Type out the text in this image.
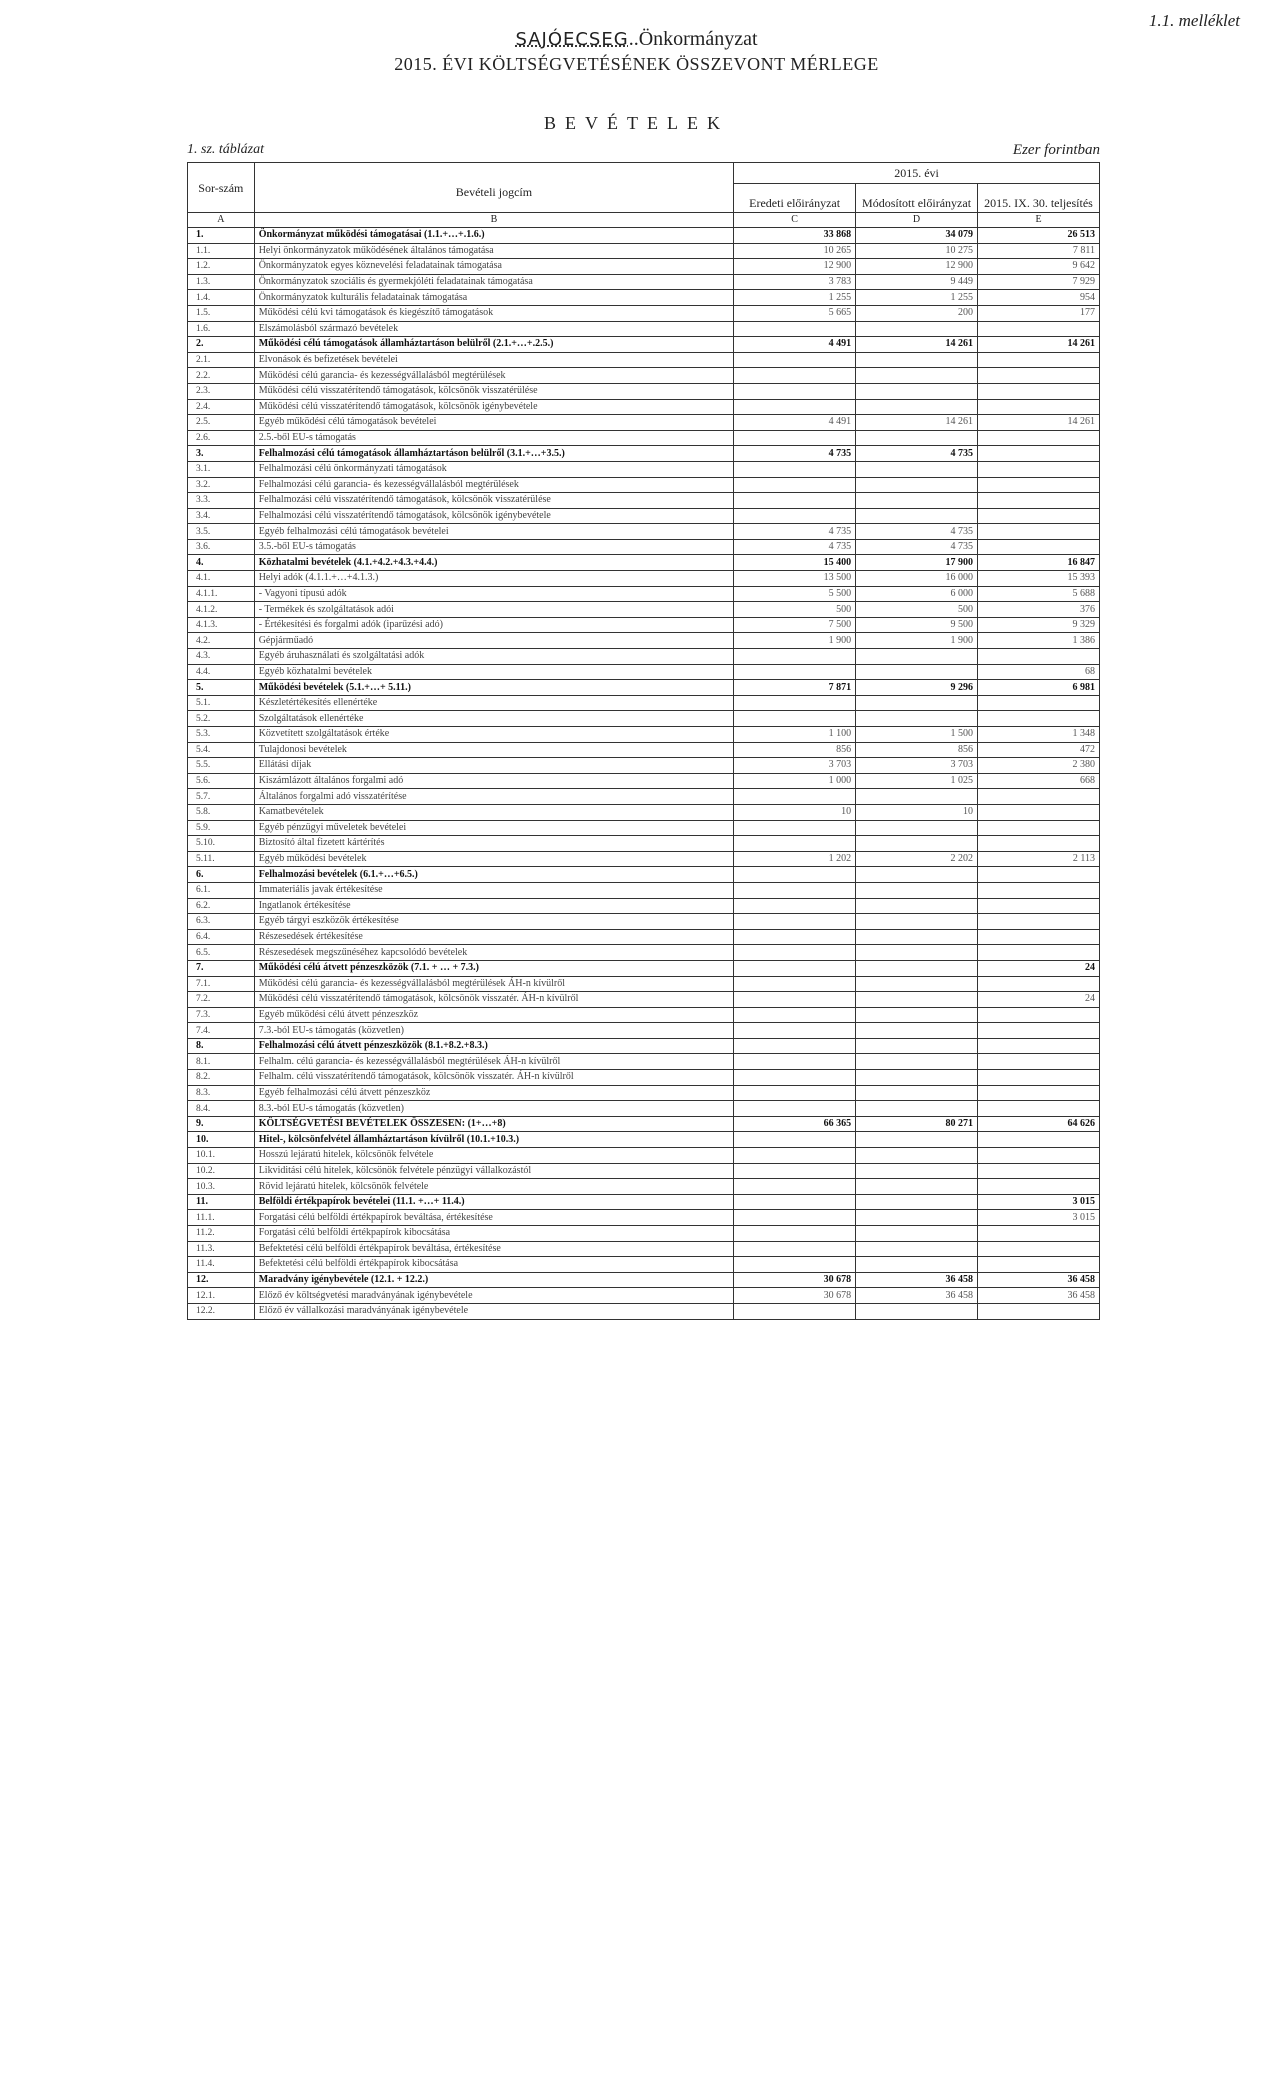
1.1. melléklet
SAJÓECSEG..Önkormányzat
2015. ÉVI KÖLTSÉGVETÉSÉNEK ÖSSZEVONT MÉRLEGE
BEVÉTELEK
1. sz. táblázat	Ezer forintban
Sor-szám	Bevételi jogcím	2015. évi		
		Eredeti előirányzat	Módosított előirányzat	2015. IX. 30. teljesítés
A	B	C	D	E
1.	Önkormányzat működési támogatásai (1.1.+…+.1.6.)	33 868	34 079	26 513
1.1.	Helyi önkormányzatok működésének általános támogatása	10 265	10 275	7 811
1.2.	Önkormányzatok egyes köznevelési feladatainak támogatása	12 900	12 900	9 642
1.3.	Önkormányzatok szociális és gyermekjóléti feladatainak támogatása	3 783	9 449	7 929
1.4.	Önkormányzatok kulturális feladatainak támogatása	1 255	1 255	954
1.5.	Működési célú kvi támogatások és kiegészítő támogatások	5 665	200	177
1.6.	Elszámolásból származó bevételek			
2.	Működési célú támogatások államháztartáson belülről (2.1.+…+.2.5.)	4 491	14 261	14 261
2.1.	Elvonások és befizetések bevételei			
2.2.	Működési célú garancia- és kezességvállalásból megtérülések			
2.3.	Működési célú visszatérítendő támogatások, kölcsönök visszatérülése			
2.4.	Működési célú visszatérítendő támogatások, kölcsönök igénybevétele			
2.5.	Egyéb működési célú támogatások bevételei	4 491	14 261	14 261
2.6.	2.5.-ből EU-s támogatás			
3.	Felhalmozási célú támogatások államháztartáson belülről (3.1.+…+3.5.)	4 735	4 735	
3.1.	Felhalmozási célú önkormányzati támogatások			
3.2.	Felhalmozási célú garancia- és kezességvállalásból megtérülések			
3.3.	Felhalmozási célú visszatérítendő támogatások, kölcsönök visszatérülése			
3.4.	Felhalmozási célú visszatérítendő támogatások, kölcsönök igénybevétele			
3.5.	Egyéb felhalmozási célú támogatások bevételei	4 735	4 735	
3.6.	3.5.-ből EU-s támogatás	4 735	4 735	
4.	Közhatalmi bevételek (4.1.+4.2.+4.3.+4.4.)	15 400	17 900	16 847
4.1.	Helyi adók (4.1.1.+…+4.1.3.)	13 500	16 000	15 393
4.1.1.	- Vagyoni típusú adók	5 500	6 000	5 688
4.1.2.	- Termékek és szolgáltatások adói	500	500	376
4.1.3.	- Értékesítési és forgalmi adók (iparűzési adó)	7 500	9 500	9 329
4.2.	Gépjárműadó	1 900	1 900	1 386
4.3.	Egyéb áruhasználati és szolgáltatási adók			
4.4.	Egyéb közhatalmi bevételek			68
5.	Működési bevételek (5.1.+…+ 5.11.)	7 871	9 296	6 981
5.1.	Készletértékesítés ellenértéke			
5.2.	Szolgáltatások ellenértéke			
5.3.	Közvetített szolgáltatások értéke	1 100	1 500	1 348
5.4.	Tulajdonosi bevételek	856	856	472
5.5.	Ellátási díjak	3 703	3 703	2 380
5.6.	Kiszámlázott általános forgalmi adó	1 000	1 025	668
5.7.	Általános forgalmi adó visszatérítése			
5.8.	Kamatbevételek	10	10	
5.9.	Egyéb pénzügyi műveletek bevételei			
5.10.	Biztosító által fizetett kártérítés			
5.11.	Egyéb működési bevételek	1 202	2 202	2 113
6.	Felhalmozási bevételek (6.1.+…+6.5.)			
6.1.	Immateriális javak értékesítése			
6.2.	Ingatlanok értékesítése			
6.3.	Egyéb tárgyi eszközök értékesítése			
6.4.	Részesedések értékesítése			
6.5.	Részesedések megszűnéséhez kapcsolódó bevételek			
7.	Működési célú átvett pénzeszközök (7.1. + … + 7.3.)			24
7.1.	Működési célú garancia- és kezességvállalásból megtérülések ÁH-n kívülről			
7.2.	Működési célú visszatérítendő támogatások, kölcsönök visszatér. ÁH-n kívülről			24
7.3.	Egyéb működési célú átvett pénzeszköz			
7.4.	7.3.-ból EU-s támogatás (közvetlen)			
8.	Felhalmozási célú átvett pénzeszközök (8.1.+8.2.+8.3.)			
8.1.	Felhalm. célú garancia- és kezességvállalásból megtérülések ÁH-n kívülről			
8.2.	Felhalm. célú visszatérítendő támogatások, kölcsönök visszatér. ÁH-n kívülről			
8.3.	Egyéb felhalmozási célú átvett pénzeszköz			
8.4.	8.3.-ból EU-s támogatás (közvetlen)			
9.	KÖLTSÉGVETÉSI BEVÉTELEK ÖSSZESEN: (1+…+8)	66 365	80 271	64 626
10.	Hitel-, kölcsönfelvétel államháztartáson kívülről (10.1.+10.3.)			
10.1.	Hosszú lejáratú hitelek, kölcsönök felvétele			
10.2.	Likviditási célú hitelek, kölcsönök felvétele pénzügyi vállalkozástól			
10.3.	Rövid lejáratú hitelek, kölcsönök felvétele			
11.	Belföldi értékpapírok bevételei (11.1. +…+ 11.4.)			3 015
11.1.	Forgatási célú belföldi értékpapírok beváltása, értékesítése			3 015
11.2.	Forgatási célú belföldi értékpapírok kibocsátása			
11.3.	Befektetési célú belföldi értékpapírok beváltása, értékesítése			
11.4.	Befektetési célú belföldi értékpapírok kibocsátása			
12.	Maradvány igénybevétele (12.1. + 12.2.)	30 678	36 458	36 458
12.1.	Előző év költségvetési maradványának igénybevétele	30 678	36 458	36 458
12.2.	Előző év vállalkozási maradványának igénybevétele			
